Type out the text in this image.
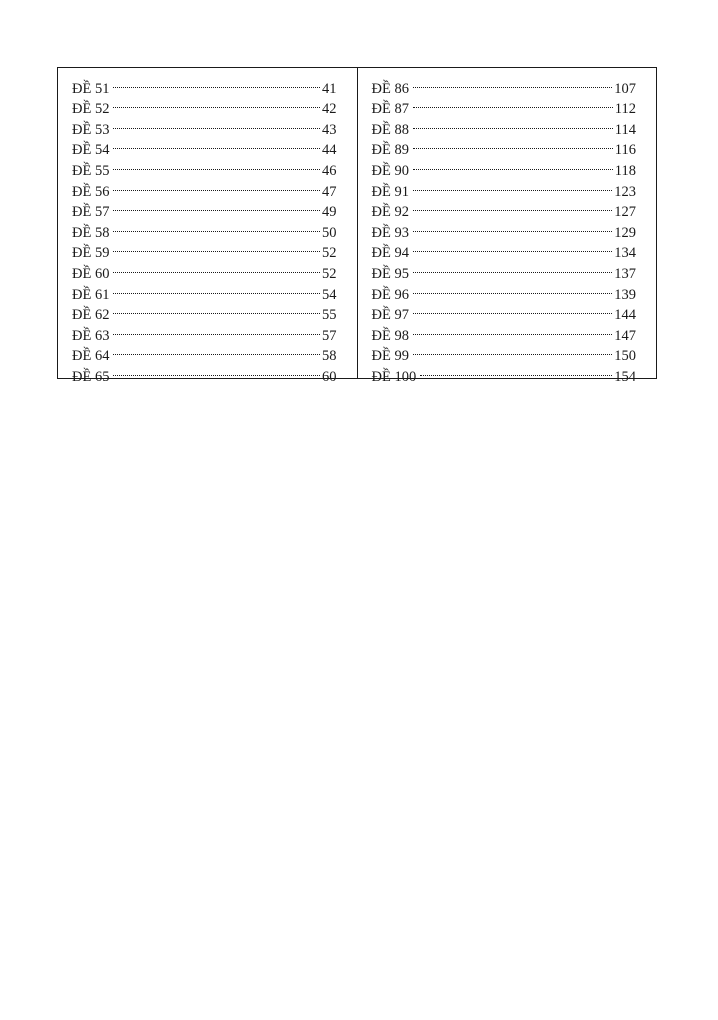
ĐỀ 51	41
ĐỀ 52	42
ĐỀ 53	43
ĐỀ 54	44
ĐỀ 55	46
ĐỀ 56	47
ĐỀ 57	49
ĐỀ 58	50
ĐỀ 59	52
ĐỀ 60	52
ĐỀ 61	54
ĐỀ 62	55
ĐỀ 63	57
ĐỀ 64	58
ĐỀ 65	60
ĐỀ 86	107
ĐỀ 87	112
ĐỀ 88	114
ĐỀ 89	116
ĐỀ 90	118
ĐỀ 91	123
ĐỀ 92	127
ĐỀ 93	129
ĐỀ 94	134
ĐỀ 95	137
ĐỀ 96	139
ĐỀ 97	144
ĐỀ 98	147
ĐỀ 99	150
ĐỀ 100	154
